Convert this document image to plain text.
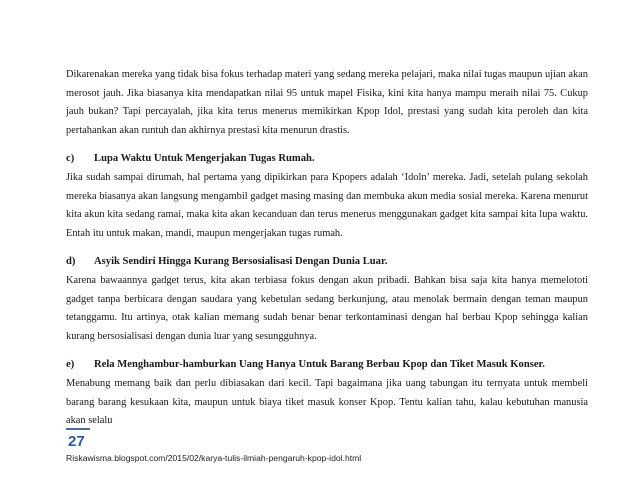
Dikarenakan mereka yang tidak bisa fokus terhadap materi yang sedang mereka pelajari, maka nilai tugas maupun ujian akan merosot jauh. Jika biasanya kita mendapatkan nilai 95 untuk mapel Fisika, kini kita hanya mampu meraih nilai 75. Cukup jauh bukan? Tapi percayalah, jika kita terus menerus memikirkan Kpop Idol, prestasi yang sudah kita peroleh dan kita pertahankan akan runtuh dan akhirnya prestasi kita menurun drastis.

c) Lupa Waktu Untuk Mengerjakan Tugas Rumah.

Jika sudah sampai dirumah, hal pertama yang dipikirkan para Kpopers adalah ‘Idoln’ mereka. Jadi, setelah pulang sekolah mereka biasanya akan langsung mengambil gadget masing masing dan membuka akun media sosial mereka. Karena menurut kita akun kita sedang ramai, maka kita akan kecanduan dan terus menerus menggunakan gadget kita sampai kita lupa waktu. Entah itu untuk makan, mandi, maupun mengerjakan tugas rumah.

d) Asyik Sendiri Hingga Kurang Bersosialisasi Dengan Dunia Luar.

Karena bawaannya gadget terus, kita akan terbiasa fokus dengan akun pribadi. Bahkan bisa saja kita hanya memelototi gadget tanpa berbicara dengan saudara yang kebetulan sedang berkunjung, atau menolak bermain dengan teman maupun tetanggamu. Itu artinya, otak kalian memang sudah benar benar terkontaminasi dengan hal berbau Kpop sehingga kalian kurang bersosialisasi dengan dunia luar yang sesungguhnya.

e) Rela Menghambur-hamburkan Uang Hanya Untuk Barang Berbau Kpop dan Tiket Masuk Konser.

Menabung memang baik dan perlu dibiasakan dari kecil. Tapi bagaimana jika uang tabungan itu ternyata untuk membeli barang barang kesukaan kita, maupun untuk biaya tiket masuk konser Kpop. Tentu kalian tahu, kalau kebutuhan manusia akan selalu

27
Riskawisma.blogspot.com/2015/02/karya-tulis-ilmiah-pengaruh-kpop-idol.html
